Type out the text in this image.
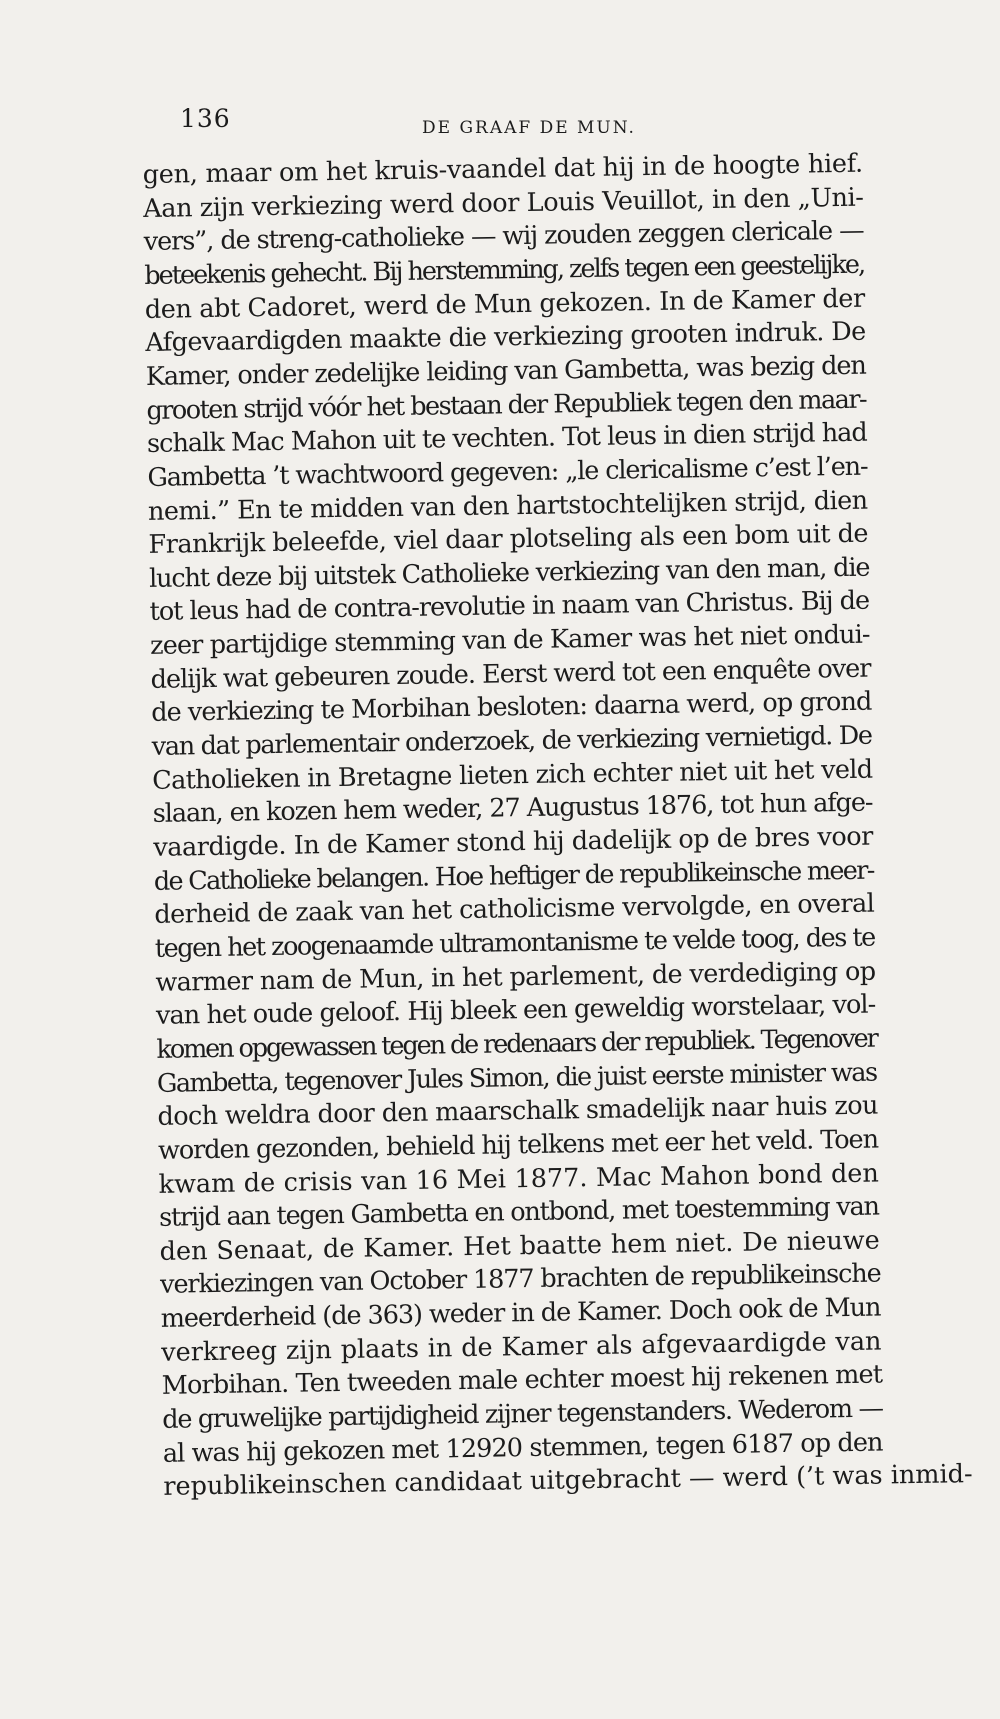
136	DE GRAAF DE MUN.
gen, maar om het kruis-vaandel dat hij in de hoogte hief.
Aan zijn verkiezing werd door Louis Veuillot, in den „Uni-
vers”, de streng-catholieke — wij zouden zeggen clericale —
beteekenis gehecht. Bij herstemming, zelfs tegen een geestelijke,
den abt Cadoret, werd de Mun gekozen. In de Kamer der
Afgevaardigden maakte die verkiezing grooten indruk. De
Kamer, onder zedelijke leiding van Gambetta, was bezig den
grooten strijd vóór het bestaan der Republiek tegen den maar-
schalk Mac Mahon uit te vechten. Tot leus in dien strijd had
Gambetta ’t wachtwoord gegeven: „le clericalisme c’est l’en-
nemi.” En te midden van den hartstochtelijken strijd, dien
Frankrijk beleefde, viel daar plotseling als een bom uit de
lucht deze bij uitstek Catholieke verkiezing van den man, die
tot leus had de contra-revolutie in naam van Christus. Bij de
zeer partijdige stemming van de Kamer was het niet ondui-
delijk wat gebeuren zoude. Eerst werd tot een enquête over
de verkiezing te Morbihan besloten: daarna werd, op grond
van dat parlementair onderzoek, de verkiezing vernietigd. De
Catholieken in Bretagne lieten zich echter niet uit het veld
slaan, en kozen hem weder, 27 Augustus 1876, tot hun afge-
vaardigde. In de Kamer stond hij dadelijk op de bres voor
de Catholieke belangen. Hoe heftiger de republikeinsche meer-
derheid de zaak van het catholicisme vervolgde, en overal
tegen het zoogenaamde ultramontanisme te velde toog, des te
warmer nam de Mun, in het parlement, de verdediging op
van het oude geloof. Hij bleek een geweldig worstelaar, vol-
komen opgewassen tegen de redenaars der republiek. Tegenover
Gambetta, tegenover Jules Simon, die juist eerste minister was
doch weldra door den maarschalk smadelijk naar huis zou
worden gezonden, behield hij telkens met eer het veld. Toen
kwam de crisis van 16 Mei 1877. Mac Mahon bond den
strijd aan tegen Gambetta en ontbond, met toestemming van
den Senaat, de Kamer. Het baatte hem niet. De nieuwe
verkiezingen van October 1877 brachten de republikeinsche
meerderheid (de 363) weder in de Kamer. Doch ook de Mun
verkreeg zijn plaats in de Kamer als afgevaardigde van
Morbihan. Ten tweeden male echter moest hij rekenen met
de gruwelijke partijdigheid zijner tegenstanders. Wederom —
al was hij gekozen met 12920 stemmen, tegen 6187 op den
republikeinschen candidaat uitgebracht — werd (’t was inmid-
